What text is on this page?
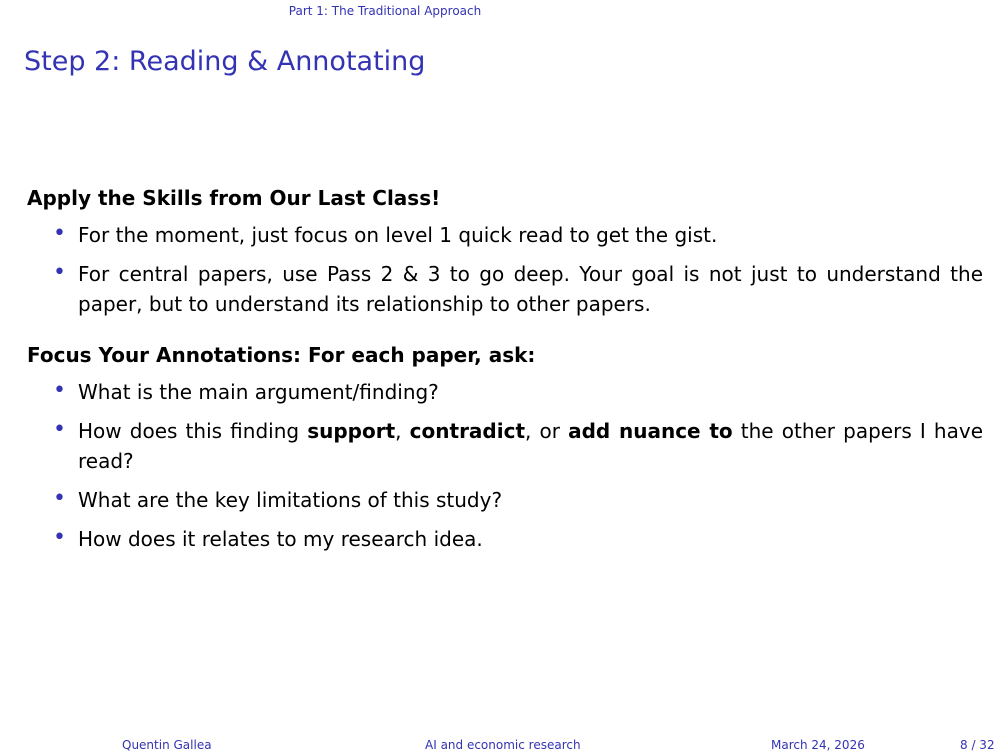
Part 1: The Traditional Approach
Step 2: Reading & Annotating
Apply the Skills from Our Last Class!
• For the moment, just focus on level 1 quick read to get the gist.
• For central papers, use Pass 2 & 3 to go deep. Your goal is not just to understand the paper, but to understand its relationship to other papers.
Focus Your Annotations: For each paper, ask:
• What is the main argument/finding?
• How does this finding support, contradict, or add nuance to the other papers I have read?
• What are the key limitations of this study?
• How does it relates to my research idea.
Quentin Gallea	AI and economic research	March 24, 2026	8 / 32
